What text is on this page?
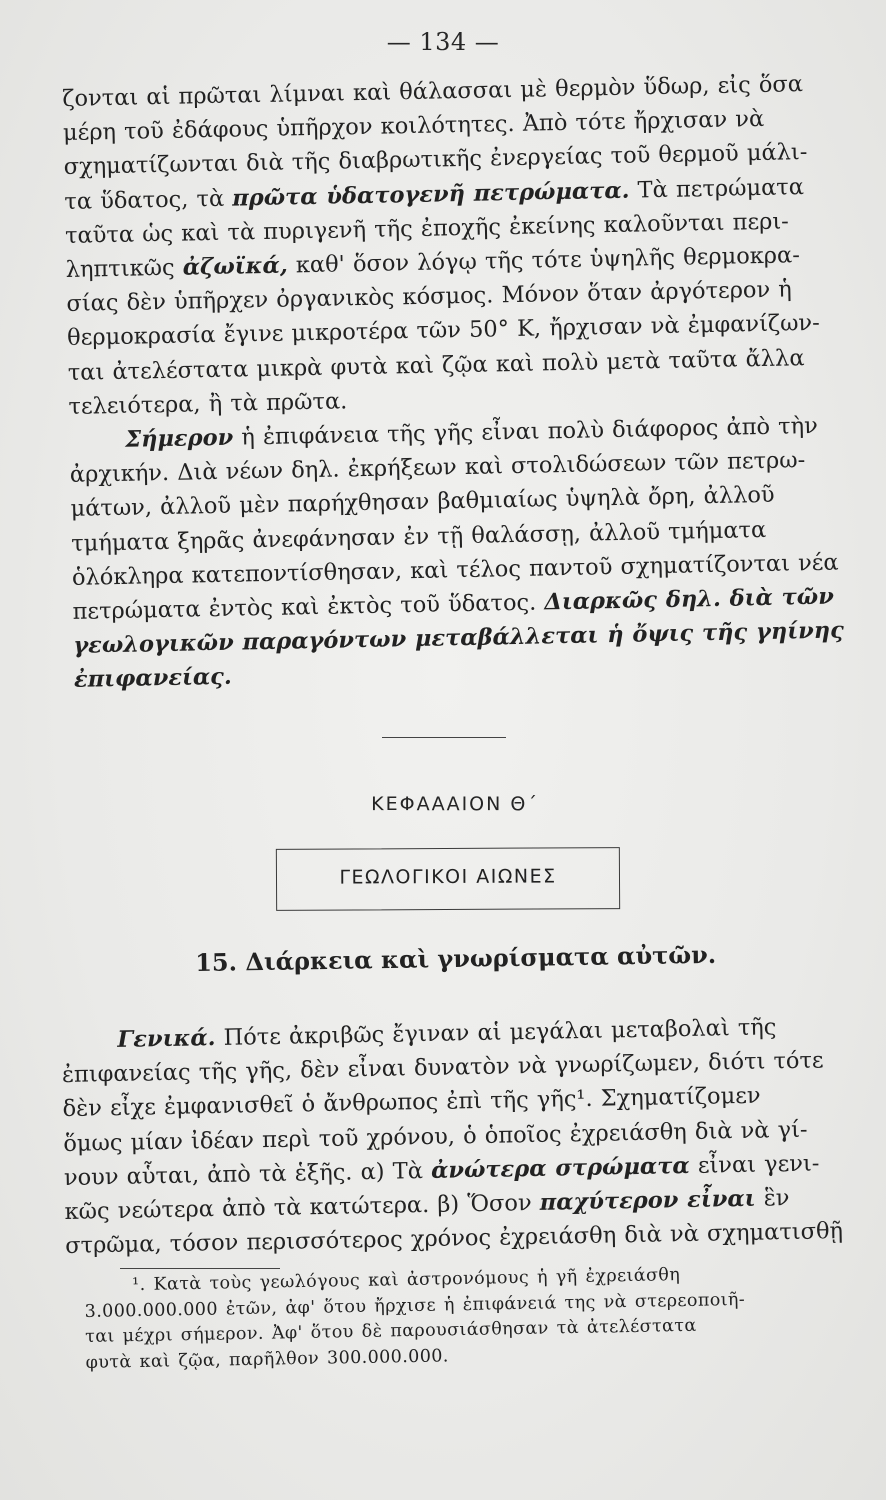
— 134 —
ζονται αἱ πρῶται λίμναι καὶ θάλασσαι μὲ θερμὸν ὕδωρ, εἰς ὅσα
μέρη τοῦ ἐδάφους ὑπῆρχον κοιλότητες. Ἀπὸ τότε ἤρχισαν νὰ
σχηματίζωνται διὰ τῆς διαβρωτικῆς ἐνεργείας τοῦ θερμοῦ μάλι-
τα ὕδατος, τὰ πρῶτα ὑδατογενῆ πετρώματα. Τὰ πετρώματα
ταῦτα ὡς καὶ τὰ πυριγενῆ τῆς ἐποχῆς ἐκείνης καλοῦνται περι-
ληπτικῶς ἀζωϊκά, καθ' ὅσον λόγῳ τῆς τότε ὑψηλῆς θερμοκρα-
σίας δὲν ὑπῆρχεν ὀργανικὸς κόσμος. Μόνον ὅταν ἀργότερον ἡ
θερμοκρασία ἔγινε μικροτέρα τῶν 50° Κ, ἤρχισαν νὰ ἐμφανίζων-
ται ἀτελέστατα μικρὰ φυτὰ καὶ ζῷα καὶ πολὺ μετὰ ταῦτα ἄλλα
τελειότερα, ἢ τὰ πρῶτα.
Σήμερον ἡ ἐπιφάνεια τῆς γῆς εἶναι πολὺ διάφορος ἀπὸ τὴν
ἀρχικήν. Διὰ νέων δηλ. ἐκρήξεων καὶ στολιδώσεων τῶν πετρω-
μάτων, ἀλλοῦ μὲν παρήχθησαν βαθμιαίως ὑψηλὰ ὄρη, ἀλλοῦ
τμήματα ξηρᾶς ἀνεφάνησαν ἐν τῇ θαλάσσῃ, ἀλλοῦ τμήματα
ὁλόκληρα κατεποντίσθησαν, καὶ τέλος παντοῦ σχηματίζονται νέα
πετρώματα ἐντὸς καὶ ἐκτὸς τοῦ ὕδατος. Διαρκῶς δηλ. διὰ τῶν
γεωλογικῶν παραγόντων μεταβάλλεται ἡ ὄψις τῆς γηίνης
ἐπιφανείας.
ΚΕΦΑΑΑΙΟΝ Θ΄
ΓΕΩΛΟΓΙΚΟΙ ΑΙΩΝΕΣ
15. Διάρκεια καὶ γνωρίσματα αὐτῶν.
Γενικά. Πότε ἀκριβῶς ἔγιναν αἱ μεγάλαι μεταβολαὶ τῆς
ἐπιφανείας τῆς γῆς, δὲν εἶναι δυνατὸν νὰ γνωρίζωμεν, διότι τότε
δὲν εἶχε ἐμφανισθεῖ ὁ ἄνθρωπος ἐπὶ τῆς γῆς¹. Σχηματίζομεν
ὅμως μίαν ἰδέαν περὶ τοῦ χρόνου, ὁ ὁποῖος ἐχρειάσθη διὰ νὰ γί-
νουν αὗται, ἀπὸ τὰ ἑξῆς. α) Τὰ ἀνώτερα στρώματα εἶναι γενι-
κῶς νεώτερα ἀπὸ τὰ κατώτερα. β) Ὅσον παχύτερον εἶναι ἓν
στρῶμα, τόσον περισσότερος χρόνος ἐχρειάσθη διὰ νὰ σχηματισθῇ
¹. Κατὰ τοὺς γεωλόγους καὶ ἀστρονόμους ἡ γῆ ἐχρειάσθη
3.000.000.000 ἐτῶν, ἀφ' ὅτου ἤρχισε ἡ ἐπιφάνειά της νὰ στερεοποιῆ-
ται μέχρι σήμερον. Ἀφ' ὅτου δὲ παρουσιάσθησαν τὰ ἀτελέστατα
φυτὰ καὶ ζῷα, παρῆλθον 300.000.000.
